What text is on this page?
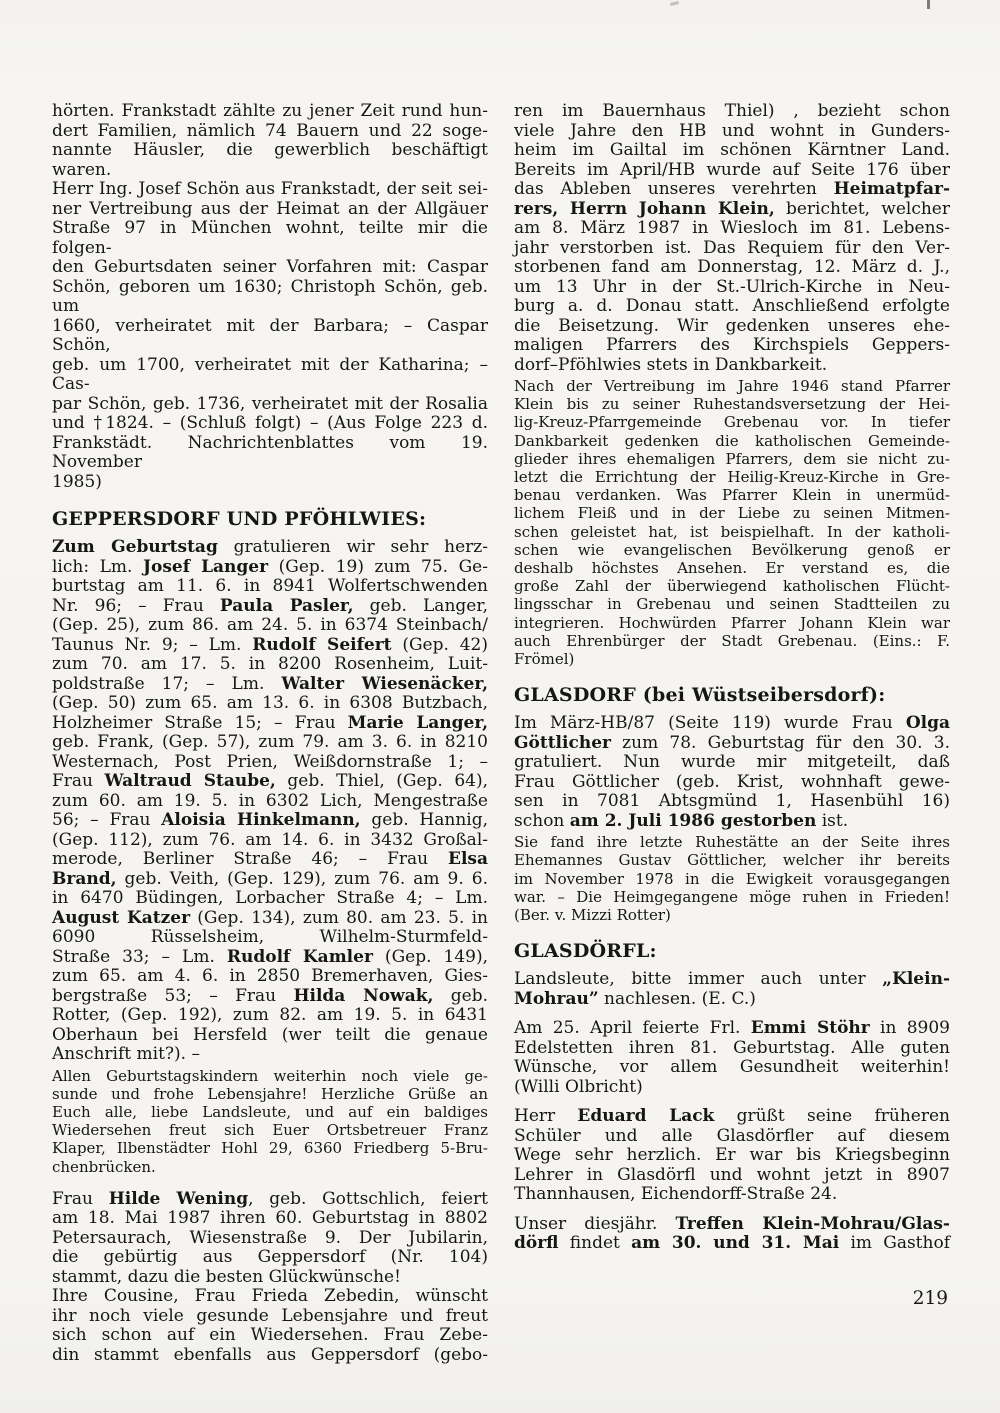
hörten. Frankstadt zählte zu jener Zeit rund hun-
dert Familien, nämlich 74 Bauern und 22 soge-
nannte Häusler, die gewerblich beschäftigt waren.
Herr Ing. Josef Schön aus Frankstadt, der seit sei-
ner Vertreibung aus der Heimat an der Allgäuer
Straße 97 in München wohnt, teilte mir die folgen-
den Geburtsdaten seiner Vorfahren mit: Caspar
Schön, geboren um 1630; Christoph Schön, geb. um
1660, verheiratet mit der Barbara; – Caspar Schön,
geb. um 1700, verheiratet mit der Katharina; – Cas-
par Schön, geb. 1736, verheiratet mit der Rosalia
und †1824. – (Schluß folgt) – (Aus Folge 223 d.
Frankstädt. Nachrichtenblattes vom 19. November
1985)
GEPPERSDORF UND PFÖHLWIES:
Zum Geburtstag gratulieren wir sehr herz-
lich: Lm. Josef Langer (Gep. 19) zum 75. Ge-
burtstag am 11. 6. in 8941 Wolfertschwenden
Nr. 96; – Frau Paula Pasler, geb. Langer,
(Gep. 25), zum 86. am 24. 5. in 6374 Steinbach/
Taunus Nr. 9; – Lm. Rudolf Seifert (Gep. 42)
zum 70. am 17. 5. in 8200 Rosenheim, Luit-
poldstraße 17; – Lm. Walter Wiesenäcker,
(Gep. 50) zum 65. am 13. 6. in 6308 Butzbach,
Holzheimer Straße 15; – Frau Marie Langer,
geb. Frank, (Gep. 57), zum 79. am 3. 6. in 8210
Westernach, Post Prien, Weißdornstraße 1; –
Frau Waltraud Staube, geb. Thiel, (Gep. 64),
zum 60. am 19. 5. in 6302 Lich, Mengestraße
56; – Frau Aloisia Hinkelmann, geb. Hannig,
(Gep. 112), zum 76. am 14. 6. in 3432 Großal-
merode, Berliner Straße 46; – Frau Elsa
Brand, geb. Veith, (Gep. 129), zum 76. am 9. 6.
in 6470 Büdingen, Lorbacher Straße 4; – Lm.
August Katzer (Gep. 134), zum 80. am 23. 5. in
6090 Rüsselsheim, Wilhelm-Sturmfeld-
Straße 33; – Lm. Rudolf Kamler (Gep. 149),
zum 65. am 4. 6. in 2850 Bremerhaven, Gies-
bergstraße 53; – Frau Hilda Nowak, geb.
Rotter, (Gep. 192), zum 82. am 19. 5. in 6431
Oberhaun bei Hersfeld (wer teilt die genaue
Anschrift mit?). –
Allen Geburtstagskindern weiterhin noch viele ge-
sunde und frohe Lebensjahre! Herzliche Grüße an
Euch alle, liebe Landsleute, und auf ein baldiges
Wiedersehen freut sich Euer Ortsbetreuer Franz
Klaper, Ilbenstädter Hohl 29, 6360 Friedberg 5-Bru-
chenbrücken.
Frau Hilde Wening, geb. Gottschlich, feiert
am 18. Mai 1987 ihren 60. Geburtstag in 8802
Petersaurach, Wiesenstraße 9. Der Jubilarin,
die gebürtig aus Geppersdorf (Nr. 104)
stammt, dazu die besten Glückwünsche!
Ihre Cousine, Frau Frieda Zebedin, wünscht
ihr noch viele gesunde Lebensjahre und freut
sich schon auf ein Wiedersehen. Frau Zebe-
din stammt ebenfalls aus Geppersdorf (gebo-
ren im Bauernhaus Thiel) , bezieht schon
viele Jahre den HB und wohnt in Gunders-
heim im Gailtal im schönen Kärntner Land.
Bereits im April/HB wurde auf Seite 176 über
das Ableben unseres verehrten Heimatpfar-
rers, Herrn Johann Klein, berichtet, welcher
am 8. März 1987 in Wiesloch im 81. Lebens-
jahr verstorben ist. Das Requiem für den Ver-
storbenen fand am Donnerstag, 12. März d. J.,
um 13 Uhr in der St.-Ulrich-Kirche in Neu-
burg a. d. Donau statt. Anschließend erfolgte
die Beisetzung. Wir gedenken unseres ehe-
maligen Pfarrers des Kirchspiels Geppers-
dorf–Pföhlwies stets in Dankbarkeit.
Nach der Vertreibung im Jahre 1946 stand Pfarrer
Klein bis zu seiner Ruhestandsversetzung der Hei-
lig-Kreuz-Pfarrgemeinde Grebenau vor. In tiefer
Dankbarkeit gedenken die katholischen Gemeinde-
glieder ihres ehemaligen Pfarrers, dem sie nicht zu-
letzt die Errichtung der Heilig-Kreuz-Kirche in Gre-
benau verdanken. Was Pfarrer Klein in unermüd-
lichem Fleiß und in der Liebe zu seinen Mitmen-
schen geleistet hat, ist beispielhaft. In der katholi-
schen wie evangelischen Bevölkerung genoß er
deshalb höchstes Ansehen. Er verstand es, die
große Zahl der überwiegend katholischen Flücht-
lingsschar in Grebenau und seinen Stadtteilen zu
integrieren. Hochwürden Pfarrer Johann Klein war
auch Ehrenbürger der Stadt Grebenau. (Eins.: F.
Frömel)
GLASDORF (bei Wüstseibersdorf):
Im März-HB/87 (Seite 119) wurde Frau Olga
Göttlicher zum 78. Geburtstag für den 30. 3.
gratuliert. Nun wurde mir mitgeteilt, daß
Frau Göttlicher (geb. Krist, wohnhaft gewe-
sen in 7081 Abtsgmünd 1, Hasenbühl 16)
schon am 2. Juli 1986 gestorben ist.
Sie fand ihre letzte Ruhestätte an der Seite ihres
Ehemannes Gustav Göttlicher, welcher ihr bereits
im November 1978 in die Ewigkeit vorausgegangen
war. – Die Heimgegangene möge ruhen in Frieden!
(Ber. v. Mizzi Rotter)
GLASDÖRFL:
Landsleute, bitte immer auch unter „Klein-
Mohrau” nachlesen. (E. C.)
Am 25. April feierte Frl. Emmi Stöhr in 8909
Edelstetten ihren 81. Geburtstag. Alle guten
Wünsche, vor allem Gesundheit weiterhin!
(Willi Olbricht)
Herr Eduard Lack grüßt seine früheren
Schüler und alle Glasdörfler auf diesem
Wege sehr herzlich. Er war bis Kriegsbeginn
Lehrer in Glasdörfl und wohnt jetzt in 8907
Thannhausen, Eichendorff-Straße 24.
Unser diesjähr. Treffen Klein-Mohrau/Glas-
dörfl findet am 30. und 31. Mai im Gasthof
219
